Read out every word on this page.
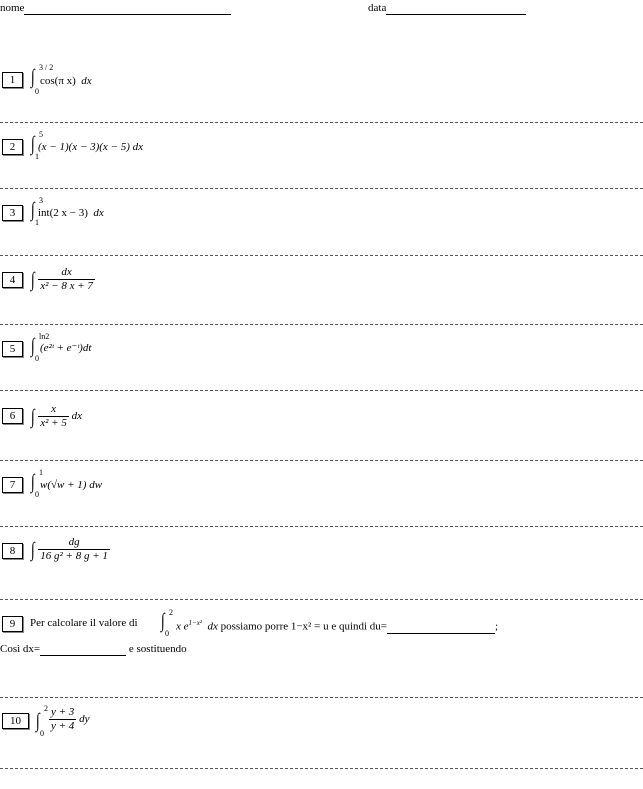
nome	data
1 ∫ 3 / 2
0
cos(π x) dx
2 ∫ 5
1
(x − 1)(x − 3)(x − 5) dx
3 ∫ 3
1
int(2 x − 3) dx
4 ∫ $\frac{dx}{\text{x² − 8 x + 7}}$
5 ∫ ln2
0
(e²ᵗ + e⁻ᵗ)dt
6 ∫ $\frac{x}{\text{x² + 5}}$ dx
7 ∫ 1
0
w(√w + 1) dw
8 ∫ $\frac{dg}{\text{16 g² + 8 g + 1}}$
9	Per calcolare il valore di ∫ 2
0
x $e^{1-x^2}$ dx possiamo porre 1−x² = u e quindi du=	;
Così dx=	e sostituendo
10 ∫
2
0
$\frac{y + 3}{y + 4}$ dy
